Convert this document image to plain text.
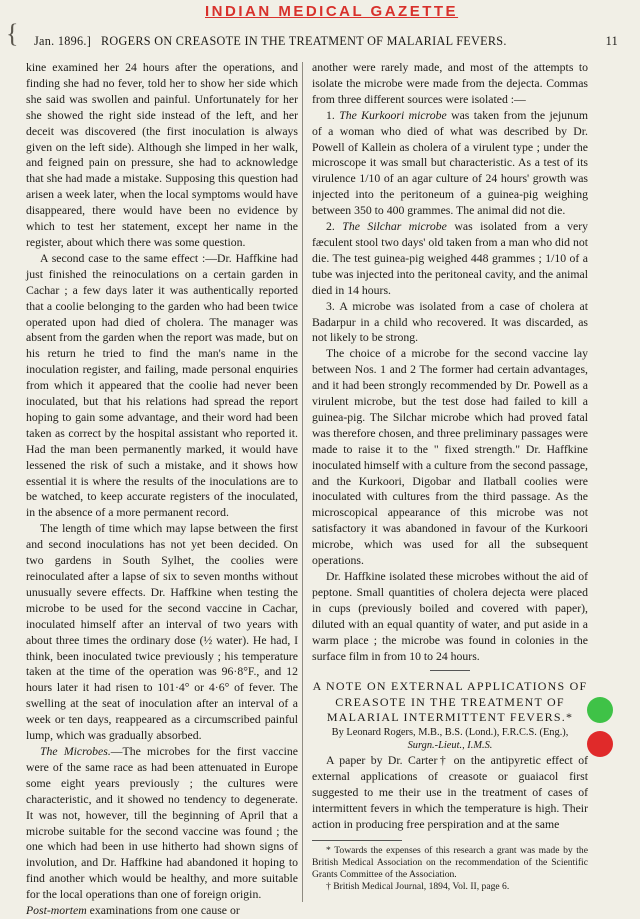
INDIAN MEDICAL GAZETTE
{ Jan. 1896.] ROGERS ON CREASOTE IN THE TREATMENT OF MALARIAL FEVERS.	11

kine examined her 24 hours after the operations, and finding she had no fever, told her to show her side which she said was swollen and painful. Unfortunately for her she showed the right side instead of the left, and her deceit was discovered (the first inoculation is always given on the left side). Although she limped in her walk, and feigned pain on pressure, she had to acknowledge that she had made a mistake. Supposing this question had arisen a week later, when the local symptoms would have disappeared, there would have been no evidence by which to test her statement, except her name in the register, about which there was some question.

A second case to the same effect :—Dr. Haffkine had just finished the reinoculations on a certain garden in Cachar ; a few days later it was authentically reported that a coolie belonging to the garden who had been twice operated upon had died of cholera. The manager was absent from the garden when the report was made, but on his return he tried to find the man's name in the inoculation register, and failing, made personal enquiries from which it appeared that the coolie had never been inoculated, but that his relations had spread the report hoping to gain some advantage, and their word had been taken as correct by the hospital assistant who reported it. Had the man been permanently marked, it would have lessened the risk of such a mistake, and it shows how essential it is where the results of the inoculations are to be watched, to keep accurate registers of the inoculated, in the absence of a more permanent record.

The length of time which may lapse between the first and second inoculations has not yet been decided. On two gardens in South Sylhet, the coolies were reinoculated after a lapse of six to seven months without unusually severe effects. Dr. Haffkine when testing the microbe to be used for the second vaccine in Cachar, inoculated himself after an interval of two years with about three times the ordinary dose (½ water). He had, I think, been inoculated twice previously ; his temperature taken at the time of the operation was 96·8°F., and 12 hours later it had risen to 101·4° or 4·6° of fever. The swelling at the seat of inoculation after an interval of a week or ten days, reappeared as a circumscribed painful lump, which was gradually absorbed.

The Microbes.—The microbes for the first vaccine were of the same race as had been attenuated in Europe some eight years previously ; the cultures were characteristic, and it showed no tendency to degenerate. It was not, however, till the beginning of April that a microbe suitable for the second vaccine was found ; the one which had been in use hitherto had shown signs of involution, and Dr. Haffkine had abandoned it hoping to find another which would be healthy, and more suitable for the local operations than one of foreign origin.

Post-mortem examinations from one cause or

another were rarely made, and most of the attempts to isolate the microbe were made from the dejecta. Commas from three different sources were isolated :—

1. The Kurkoori microbe was taken from the jejunum of a woman who died of what was described by Dr. Powell of Kallein as cholera of a virulent type ; under the microscope it was small but characteristic. As a test of its virulence 1/10 of an agar culture of 24 hours' growth was injected into the peritoneum of a guinea-pig weighing between 350 to 400 grammes. The animal did not die.

2. The Silchar microbe was isolated from a very fæculent stool two days' old taken from a man who did not die. The test guinea-pig weighed 448 grammes ; 1/10 of a tube was injected into the peritoneal cavity, and the animal died in 14 hours.

3. A microbe was isolated from a case of cholera at Badarpur in a child who recovered. It was discarded, as not likely to be strong.

The choice of a microbe for the second vaccine lay between Nos. 1 and 2 The former had certain advantages, and it had been strongly recommended by Dr. Powell as a virulent microbe, but the test dose had failed to kill a guinea-pig. The Silchar microbe which had proved fatal was therefore chosen, and three preliminary passages were made to raise it to the " fixed strength." Dr. Haffkine inoculated himself with a culture from the second passage, and the Kurkoori, Digobar and Ilatball coolies were inoculated with cultures from the third passage. As the microscopical appearance of this microbe was not satisfactory it was abandoned in favour of the Kurkoori microbe, which was used for all the subsequent operations.

Dr. Haffkine isolated these microbes without the aid of peptone. Small quantities of cholera dejecta were placed in cups (previously boiled and covered with paper), diluted with an equal quantity of water, and put aside in a warm place ; the microbe was found in colonies in the surface film in from 10 to 24 hours.

A NOTE ON EXTERNAL APPLICATIONS OF CREASOTE IN THE TREATMENT OF MALARIAL INTERMITTENT FEVERS.*

By Leonard Rogers, M.B., B.S. (Lond.), F.R.C.S. (Eng.),
Surgn.-Lieut., I.M.S.

A paper by Dr. Carter† on the antipyretic effect of external applications of creasote or guaiacol first suggested to me their use in the treatment of cases of intermittent fevers in which the temperature is high. Their action in producing free perspiration and at the same

* Towards the expenses of this research a grant was made by the British Medical Association on the recommendation of the Scientific Grants Committee of the Association.

† British Medical Journal, 1894, Vol. II, page 6.
